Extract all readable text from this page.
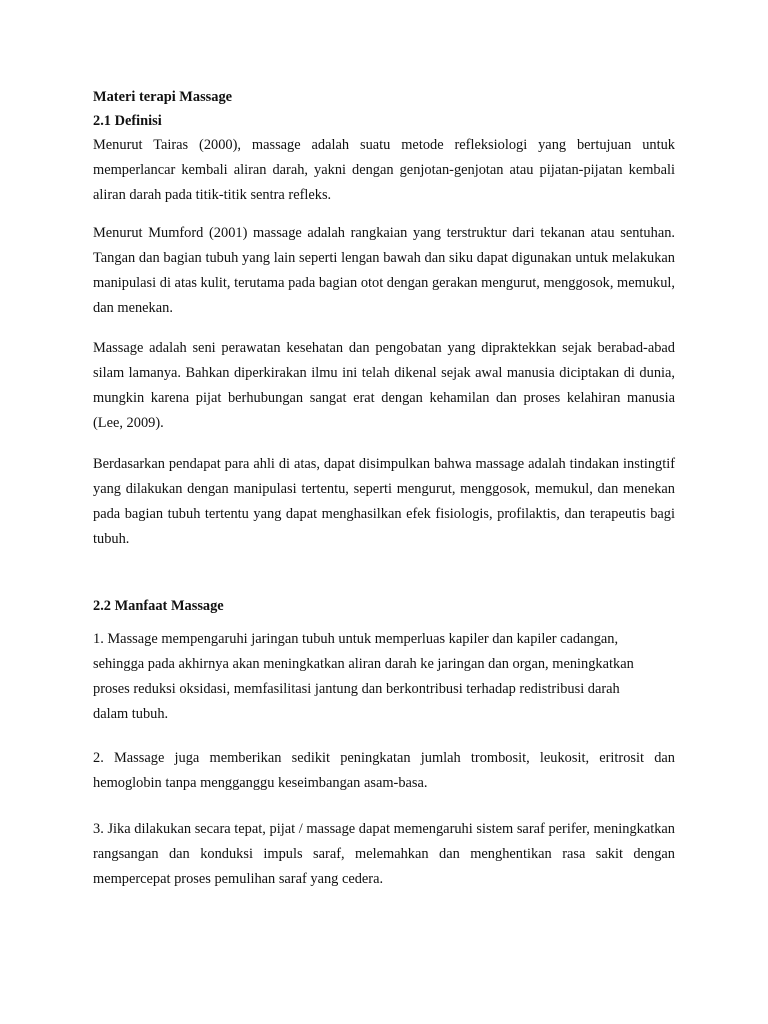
Materi terapi Massage

2.1 Definisi

Menurut Tairas (2000), massage adalah suatu metode refleksiologi yang bertujuan untuk memperlancar kembali aliran darah, yakni dengan genjotan-genjotan atau pijatan-pijatan kembali aliran darah pada titik-titik sentra refleks.

Menurut Mumford (2001) massage adalah rangkaian yang terstruktur dari tekanan atau sentuhan. Tangan dan bagian tubuh yang lain seperti lengan bawah dan siku dapat digunakan untuk melakukan manipulasi di atas kulit, terutama pada bagian otot dengan gerakan mengurut, menggosok, memukul, dan menekan.

Massage adalah seni perawatan kesehatan dan pengobatan yang dipraktekkan sejak berabad-abad silam lamanya. Bahkan diperkirakan ilmu ini telah dikenal sejak awal manusia diciptakan di dunia, mungkin karena pijat berhubungan sangat erat dengan kehamilan dan proses kelahiran manusia (Lee, 2009).

Berdasarkan pendapat para ahli di atas, dapat disimpulkan bahwa massage adalah tindakan instingtif yang dilakukan dengan manipulasi tertentu, seperti mengurut, menggosok, memukul, dan menekan pada bagian tubuh tertentu yang dapat menghasilkan efek fisiologis, profilaktis, dan terapeutis bagi tubuh.

2.2 Manfaat Massage

1. Massage mempengaruhi jaringan tubuh untuk memperluas kapiler dan kapiler cadangan, sehingga pada akhirnya akan meningkatkan aliran darah ke jaringan dan organ, meningkatkan proses reduksi oksidasi, memfasilitasi jantung dan berkontribusi terhadap redistribusi darah dalam tubuh.

2. Massage juga memberikan sedikit peningkatan jumlah trombosit, leukosit, eritrosit dan hemoglobin tanpa mengganggu keseimbangan asam-basa.

3. Jika dilakukan secara tepat, pijat / massage dapat memengaruhi sistem saraf perifer, meningkatkan rangsangan dan konduksi impuls saraf, melemahkan dan menghentikan rasa sakit dengan mempercepat proses pemulihan saraf yang cedera.
